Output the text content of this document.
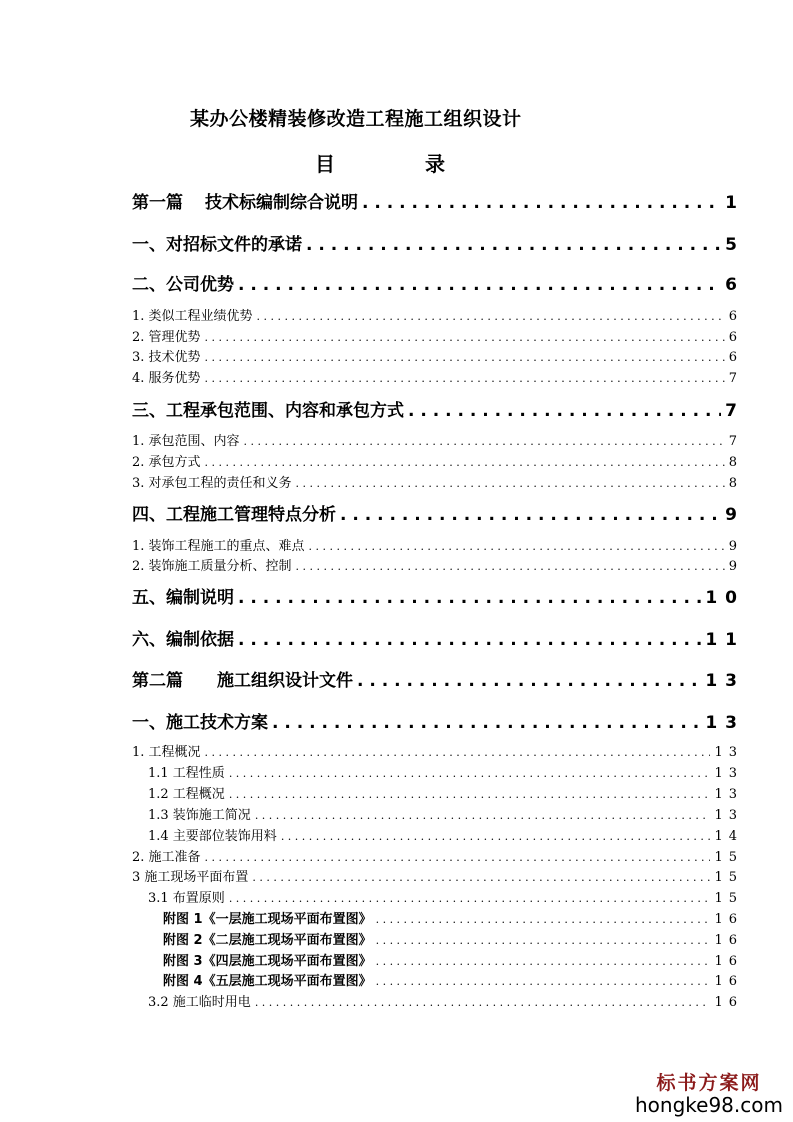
某办公楼精装修改造工程施工组织设计
目	录
第一篇 技术标编制综合说明 . . .	1
一、对招标文件的承诺 . . .	5
二、公司优势 . . .	6
1. 类似工程业绩优势 . . .	6
2. 管理优势 . . .	6
3. 技术优势 . . .	6
4. 服务优势 . . .	7
三、工程承包范围、内容和承包方式 . . .	7
1. 承包范围、内容 . . .	7
2. 承包方式 . . .	8
3. 对承包工程的责任和义务 . . .	8
四、工程施工管理特点分析 . . .	9
1. 装饰工程施工的重点、难点 . . .	9
2. 装饰施工质量分析、控制 . . .	9
五、编制说明 . . .	10
六、编制依据 . . .	11
第二篇 施工组织设计文件 . . .	13
一、施工技术方案 . . .	13
1. 工程概况 . . .	13
1.1 工程性质 . . .	13
1.2 工程概况 . . .	13
1.3 装饰施工简况 . . .	13
1.4 主要部位装饰用料 . . .	14
2. 施工准备 . . .	15
3 施工现场平面布置 . . .	15
3.1 布置原则 . . .	15
附图 1《一层施工现场平面布置图》 . . .	16
附图 2《二层施工现场平面布置图》 . . .	16
附图 3《四层施工现场平面布置图》 . . .	16
附图 4《五层施工现场平面布置图》 . . .	16
3.2 施工临时用电 . . .	16
标书方案网
hongke98.com
